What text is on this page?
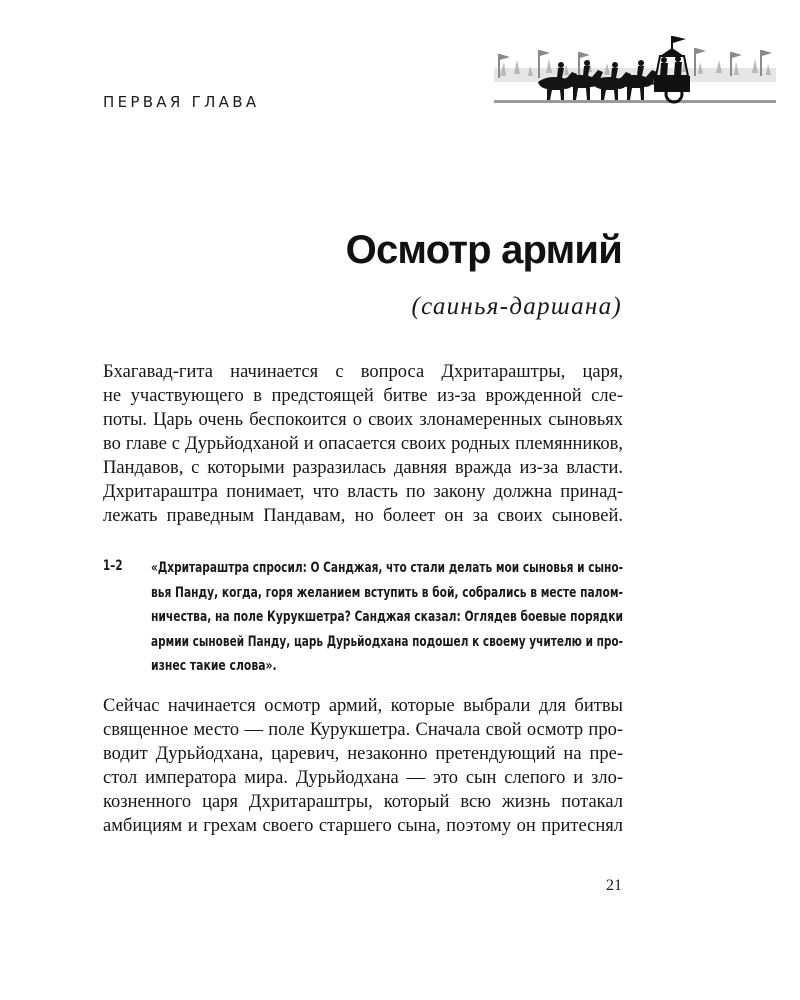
ПЕРВАЯ ГЛАВА
Осмотр армий
(саинья-даршана)
Бхагавад-гита начинается с вопроса Дхритараштры, царя,
не участвующего в предстоящей битве из-за врожденной сле-
поты. Царь очень беспокоится о своих злонамеренных сыновьях
во главе с Дурьйодханой и опасается своих родных племянников,
Пандавов, с которыми разразилась давняя вражда из-за власти.
Дхритараштра понимает, что власть по закону должна принад-
лежать праведным Пандавам, но болеет он за своих сыновей.
1–2 «Дхритараштра спросил: О Санджая, что стали делать мои сыновья и сыно-
вья Панду, когда, горя желанием вступить в бой, собрались в месте палом-
ничества, на поле Курукшетра? Санджая сказал: Оглядев боевые порядки
армии сыновей Панду, царь Дурьйодхана подошел к своему учителю и про-
изнес такие слова».
Сейчас начинается осмотр армий, которые выбрали для битвы
священное место — поле Курукшетра. Сначала свой осмотр про-
водит Дурьйодхана, царевич, незаконно претендующий на пре-
стол императора мира. Дурьйодхана — это сын слепого и зло-
козненного царя Дхритараштры, который всю жизнь потакал
амбициям и грехам своего старшего сына, поэтому он притеснял
21
